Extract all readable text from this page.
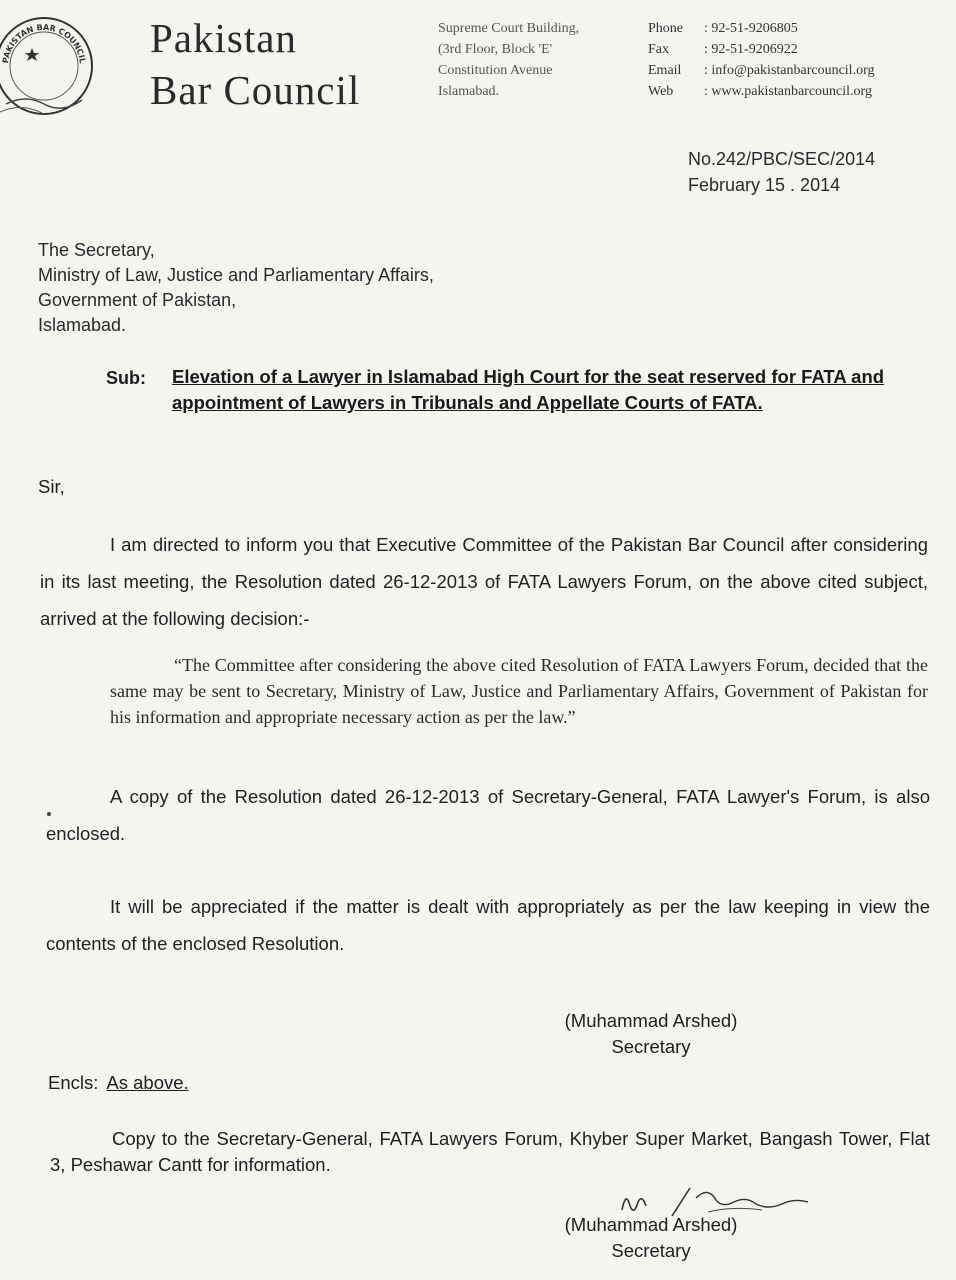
PAKISTAN BAR COUNCIL Pakistan
Bar Council
Supreme Court Building,
(3rd Floor, Block 'E'
Constitution Avenue
Islamabad.
Phone : 92-51-9206805
Fax	: 92-51-9206922
Email : info@pakistanbarcouncil.org
Web : www.pakistanbarcouncil.org
No.242/PBC/SEC/2014
February 15 . 2014
The Secretary,
Ministry of Law, Justice and Parliamentary Affairs,
Government of Pakistan,
Islamabad.
Sub: Elevation of a Lawyer in Islamabad High Court for the seat reserved for FATA and appointment of Lawyers in Tribunals and Appellate Courts of FATA.
Sir,
I am directed to inform you that Executive Committee of the Pakistan Bar Council after considering in its last meeting, the Resolution dated 26-12-2013 of FATA Lawyers Forum, on the above cited subject, arrived at the following decision:-
“The Committee after considering the above cited Resolution of FATA Lawyers Forum, decided that the same may be sent to Secretary, Ministry of Law, Justice and Parliamentary Affairs, Government of Pakistan for his information and appropriate necessary action as per the law.”
A copy of the Resolution dated 26-12-2013 of Secretary-General, FATA Lawyer's Forum, is also enclosed.
It will be appreciated if the matter is dealt with appropriately as per the law keeping in view the contents of the enclosed Resolution.
(Muhammad Arshed)
Secretary
Encls: As above.
Copy to the Secretary-General, FATA Lawyers Forum, Khyber Super Market, Bangash Tower, Flat 3, Peshawar Cantt for information.
(Muhammad Arshed)
Secretary
